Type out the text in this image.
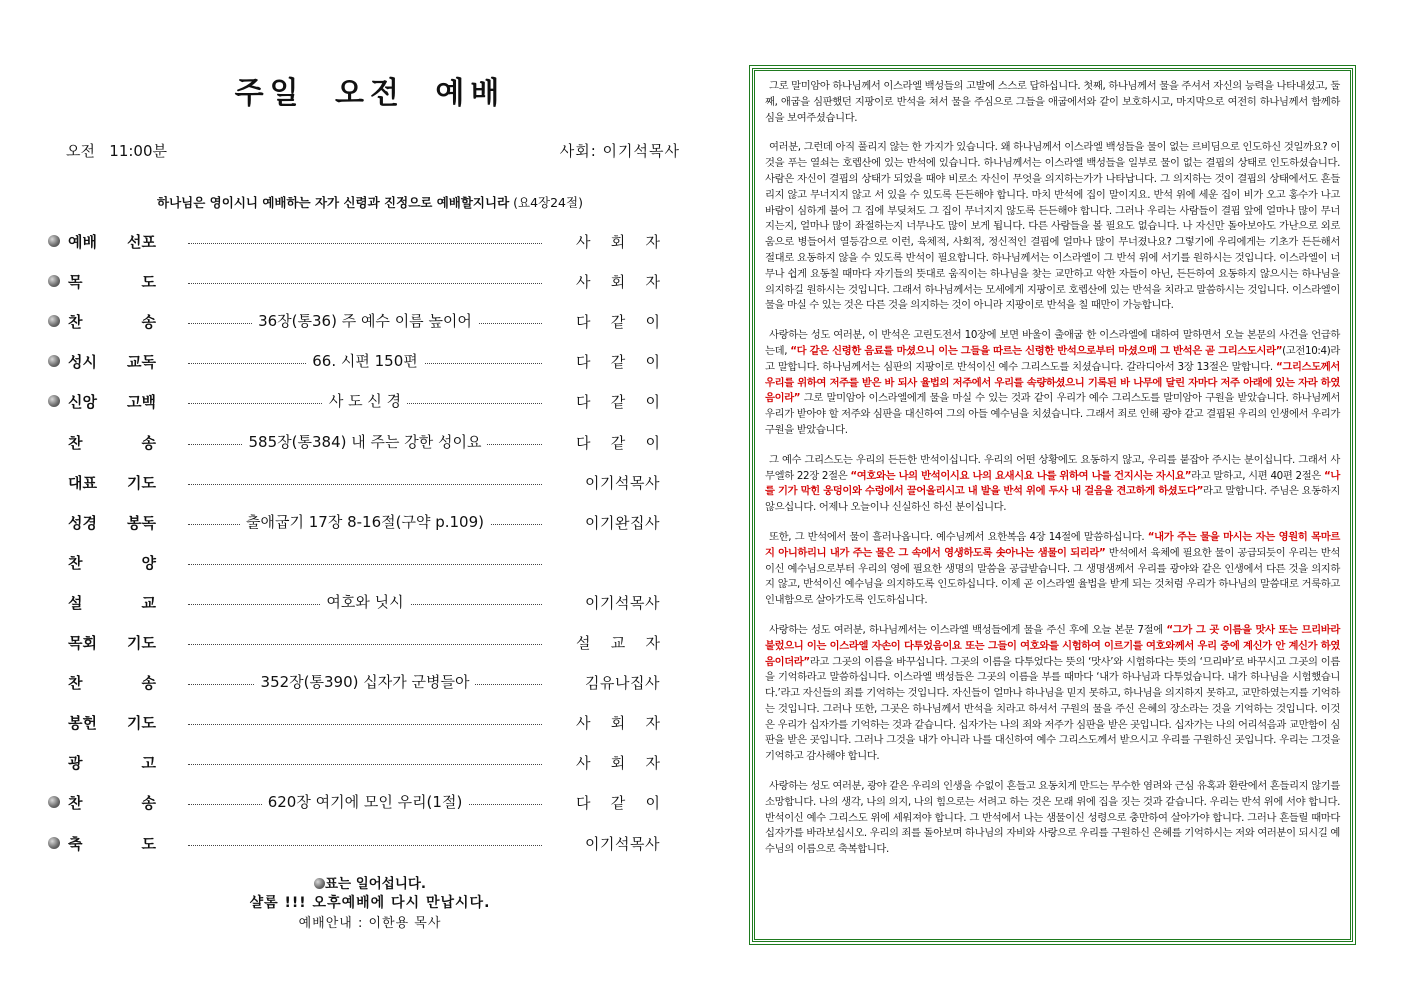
주일 오전 예배
오전   11:00분	사회: 이기석목사
하나님은 영이시니 예배하는 자가 신령과 진정으로 예배할지니라 (요4장24절)
예배 선포	사 회 자
목	도	사 회 자
찬	송	36장(통36) 주 예수 이름 높이어	다 같 이
성시 교독	66. 시편 150편	다 같 이
신앙 고백	사 도 신 경	다 같 이
찬	송	585장(통384) 내 주는 강한 성이요	다 같 이
대표 기도	이기석목사
성경 봉독	출애굽기 17장 8-16절(구약 p.109)	이기완집사
찬	양
설	교	여호와 닛시	이기석목사
목회 기도	설 교 자
찬	송	352장(통390) 십자가 군병들아	김유나집사
봉헌 기도	사 회 자
광	고	사 회 자
찬	송	620장 여기에 모인 우리(1절)	다 같 이
축	도	이기석목사
표는 일어섭니다.
샬롬 !!! 오후예배에 다시 만납시다.
예배안내 : 이한용 목사

그로 말미암아 하나님께서 이스라엘 백성들의 고발에 스스로 답하십니다. 첫째, 하나님께서 물을 주셔서 자신의 능력을 나타내셨고, 둘째, 애굽을 심판했던 지팡이로 반석을 쳐서 물을 주심으로 그들을 애굽에서와 같이 보호하시고, 마지막으로 여전히 하나님께서 함께하심을 보여주셨습니다.

여러분, 그런데 아직 풀리지 않는 한 가지가 있습니다. 왜 하나님께서 이스라엘 백성들을 물이 없는 르비딤으로 인도하신 것일까요? 이것을 푸는 열쇠는 호렙산에 있는 반석에 있습니다. 하나님께서는 이스라엘 백성들을 일부로 물이 없는 결핍의 상태로 인도하셨습니다. 사람은 자신이 결핍의 상태가 되었을 때야 비로소 자신이 무엇을 의지하는가가 나타납니다. 그 의지하는 것이 결핍의 상태에서도 흔들리지 않고 무너지지 않고 서 있을 수 있도록 든든해야 합니다. 마치 반석에 집이 말이지요. 반석 위에 세운 집이 비가 오고 홍수가 나고 바람이 심하게 불어 그 집에 부딪쳐도 그 집이 무너지지 않도록 든든해야 합니다. 그러나 우리는 사람들이 결핍 앞에 얼마나 많이 무너지는지, 얼마나 많이 좌절하는지 너무나도 많이 보게 됩니다. 다른 사람들을 볼 필요도 없습니다. 나 자신만 돌아보아도 가난으로 외로움으로 병들어서 열등감으로 이런, 육체적, 사회적, 정신적인 결핍에 얼마나 많이 무너졌나요? 그렇기에 우리에게는 기초가 든든해서 절대로 요동하지 않을 수 있도록 반석이 필요합니다. 하나님께서는 이스라엘이 그 반석 위에 서기를 원하시는 것입니다. 이스라엘이 너무나 쉽게 요동칠 때마다 자기들의 뜻대로 움직이는 하나님을 찾는 교만하고 악한 자들이 아닌, 든든하여 요동하지 않으시는 하나님을 의지하길 원하시는 것입니다. 그래서 하나님께서는 모세에게 지팡이로 호렙산에 있는 반석을 치라고 말씀하시는 것입니다. 이스라엘이 물을 마실 수 있는 것은 다른 것을 의지하는 것이 아니라 지팡이로 반석을 칠 때만이 가능합니다.

사랑하는 성도 여러분, 이 반석은 고린도전서 10장에 보면 바울이 출애굽 한 이스라엘에 대하여 말하면서 오늘 본문의 사건을 언급하는데, “다 같은 신령한 음료를 마셨으니 이는 그들을 따르는 신령한 반석으로부터 마셨으매 그 반석은 곧 그리스도시라”(고전10:4)라고 말합니다. 하나님께서는 심판의 지팡이로 반석이신 예수 그리스도를 치셨습니다. 갈라디아서 3장 13절은 말합니다. “그리스도께서 우리를 위하여 저주를 받은 바 되사 율법의 저주에서 우리를 속량하셨으니 기록된 바 나무에 달린 자마다 저주 아래에 있는 자라 하였음이라” 그로 말미암아 이스라엘에게 물을 마실 수 있는 것과 같이 우리가 예수 그리스도를 말미암아 구원을 받았습니다. 하나님께서 우리가 받아야 할 저주와 심판을 대신하여 그의 아들 예수님을 치셨습니다. 그래서 죄로 인해 광야 같고 결핍된 우리의 인생에서 우리가 구원을 받았습니다.

그 예수 그리스도는 우리의 든든한 반석이십니다. 우리의 어떤 상황에도 요동하지 않고, 우리를 붙잡아 주시는 분이십니다. 그래서 사무엘하 22장 2절은 “여호와는 나의 반석이시요 나의 요새시요 나를 위하여 나를 건지시는 자시요”라고 말하고, 시편 40편 2절은 “나를 기가 막힌 웅덩이와 수렁에서 끌어올리시고 내 발을 반석 위에 두사 내 걸음을 견고하게 하셨도다”라고 말합니다. 주님은 요동하지 않으십니다. 어제나 오늘이나 신실하신 하신 분이십니다.

또한, 그 반석에서 물이 흘러나옵니다. 예수님께서 요한복음 4장 14절에 말씀하십니다. “내가 주는 물을 마시는 자는 영원히 목마르지 아니하리니 내가 주는 물은 그 속에서 영생하도록 솟아나는 샘물이 되리라” 반석에서 육체에 필요한 물이 공급되듯이 우리는 반석이신 예수님으로부터 우리의 영에 필요한 생명의 말씀을 공급받습니다. 그 생명샘께서 우리를 광야와 같은 인생에서 다른 것을 의지하지 않고, 반석이신 예수님을 의지하도록 인도하십니다. 이제 곧 이스라엘 율법을 받게 되는 것처럼 우리가 하나님의 말씀대로 거룩하고 인내함으로 살아가도록 인도하십니다.

사랑하는 성도 여러분, 하나님께서는 이스라엘 백성들에게 물을 주신 후에 오늘 본문 7절에 “그가 그 곳 이름을 맛사 또는 므리바라 불렀으니 이는 이스라엘 자손이 다투었음이요 또는 그들이 여호와를 시험하여 이르기를 여호와께서 우리 중에 계신가 안 계신가 하였음이더라”라고 그곳의 이름을 바꾸십니다. 그곳의 이름을 다투었다는 뜻의 ‘맛사’와 시험하다는 뜻의 ‘므리바’로 바꾸시고 그곳의 이름을 기억하라고 말씀하십니다. 이스라엘 백성들은 그곳의 이름을 부를 때마다 ‘내가 하나님과 다투었습니다. 내가 하나님을 시험했습니다.’라고 자신들의 죄를 기억하는 것입니다. 자신들이 얼마나 하나님을 믿지 못하고, 하나님을 의지하지 못하고, 교만하였는지를 기억하는 것입니다. 그러나 또한, 그곳은 하나님께서 반석을 치라고 하셔서 구원의 물을 주신 은혜의 장소라는 것을 기억하는 것입니다. 이것은 우리가 십자가를 기억하는 것과 같습니다. 십자가는 나의 죄와 저주가 심판을 받은 곳입니다. 십자가는 나의 어리석음과 교만함이 심판을 받은 곳입니다. 그러나 그것을 내가 아니라 나를 대신하여 예수 그리스도께서 받으시고 우리를 구원하신 곳입니다. 우리는 그것을 기억하고 감사해야 합니다.

사랑하는 성도 여러분, 광야 같은 우리의 인생을 수없이 흔들고 요동치게 만드는 무수한 염려와 근심 유혹과 환란에서 흔들리지 않기를 소망합니다. 나의 생각, 나의 의지, 나의 힘으로는 서려고 하는 것은 모래 위에 집을 짓는 것과 같습니다. 우리는 반석 위에 서야 합니다. 반석이신 예수 그리스도 위에 세워져야 합니다. 그 반석에서 나는 샘물이신 성령으로 충만하여 살아가야 합니다. 그러나 흔들릴 때마다 십자가를 바라보십시오. 우리의 죄를 돌아보며 하나님의 자비와 사랑으로 우리를 구원하신 은혜를 기억하시는 저와 여러분이 되시길 예수님의 이름으로 축복합니다.
